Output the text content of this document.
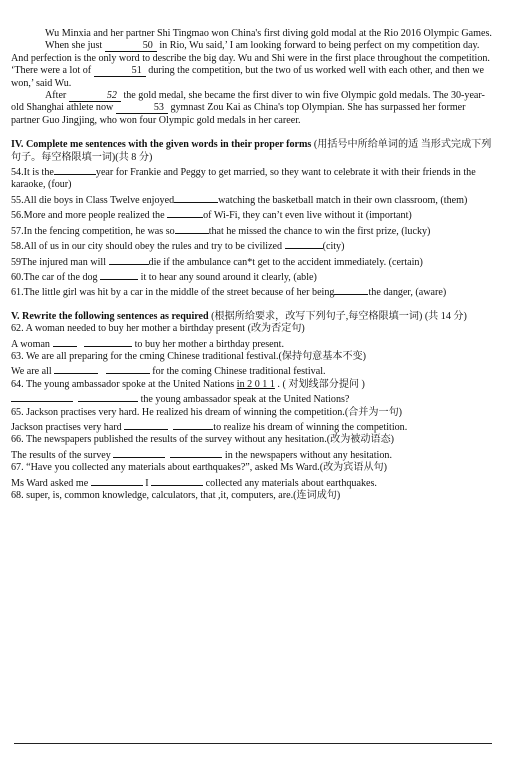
Wu Minxia and her partner Shi Tingmao won China's first diving gold modal at the Rio 2016 Olympic Games.

When she just	50 in Rio, Wu said,’ I am looking forward to being perfect on my competition day. And perfection is the only word to describe the big day. Wu and Shi were in the first place throughout the competition. ‘There were a lot of	51 during the competition, but the two of us worked well with each other, and then we won,’ said Wu.

After	52 the gold medal, she became the first diver to win five Olympic gold medals. The 30-year-old Shanghai athlete now	53 gymnast Zou Kai as China's top Olympian. She has surpassed her former partner Guo Jingjing, who won four Olympic gold medals in her career.

IV. Complete me sentences with the given words in their proper forms (用括号中所给单词的适 当形式完成下列句子。每空格限填一词)(共 8 分)

54.It is the	year for Frankie and Peggy to get married, so they want to celebrate it with their friends in the karaoke, (four)

55.All die boys in Class Twelve enjoyed	watching the basketball match in their own classroom, (them)

56.More and more people realized the	of Wi-Fi, they can’t even live without it (important)

57.In the fencing competition, he was so	that he missed the chance to win the first prize, (lucky)

58.All of us in our city should obey the rules and try to be civilized	(city)

59The injured man will	die if the ambulance can*t get to the accident immediately. (certain)

60.The car of the dog	it to hear any sound around it clearly, (able)

61.The little girl was hit by a car in the middle of the street because of her being	the danger, (aware)

V. Rewrite the following sentences as required (根据所给要求，改写下列句子,每空格限填一词) (共 14 分)

62. A woman needed to buy her mother a birthday present (改为否定句)

A woman	to buy her mother a birthday present.

63. We are all preparing for the cming Chinese traditional festival.(保持句意基本不变)

We are all	for the coming Chinese traditional festival.

64. The young ambassador spoke at the United Nations in 2 0 1 1 . ( 对划线部分提问 )

the young ambassador speak at the United Nations?

65. Jackson practises very hard. He realized his dream of winning the competition.(合并为一句)

Jackson practises very hard	to realize his dream of winning the competition.

66. The newspapers published the results of the survey without any hesitation.(改为被动语态)

The results of the survey	in the newspapers without any hesitation.

67. “Have you collected any materials about earthquakes?”, asked Ms Ward.(改为宾语从句)

Ms Ward asked me	I	collected any materials about earthquakes.

68. super, is, common knowledge, calculators, that ,it, computers, are.(连词成句)
